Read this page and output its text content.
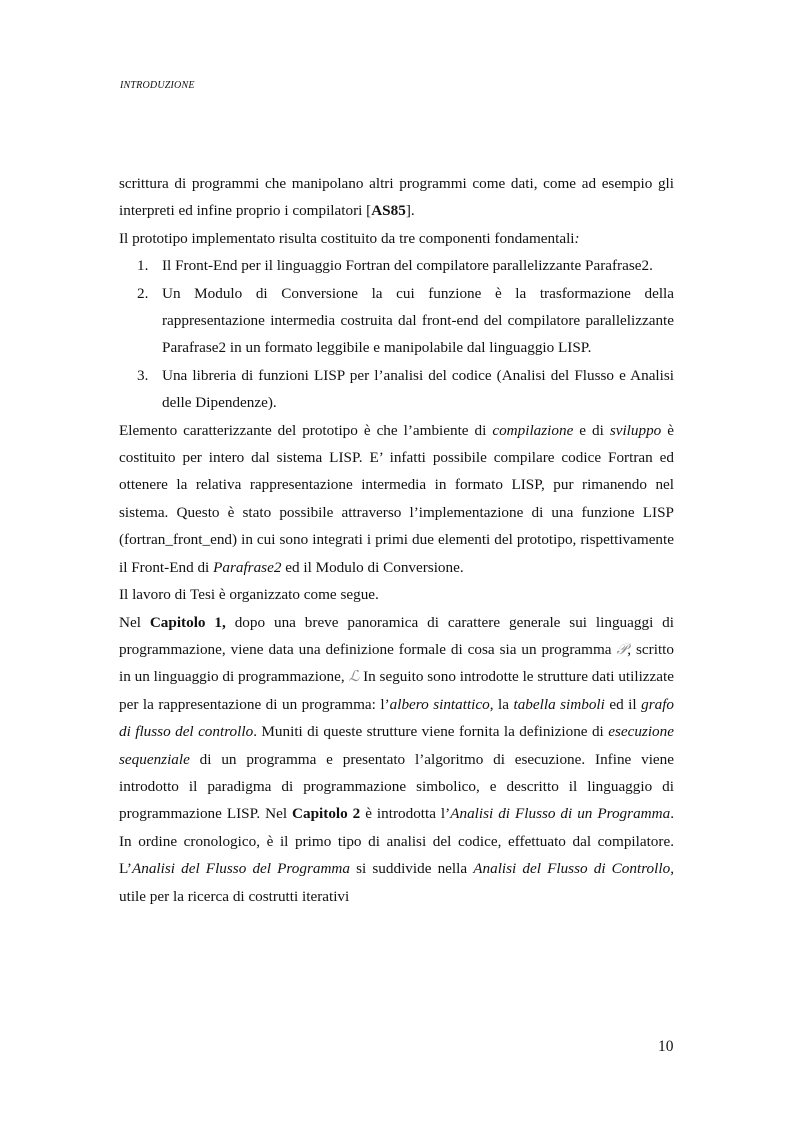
INTRODUZIONE

scrittura di programmi che manipolano altri programmi come dati, come ad esempio gli interpreti ed infine proprio i compilatori [AS85].

Il prototipo implementato risulta costituito da tre componenti fondamentali:

1. Il Front-End per il linguaggio Fortran del compilatore parallelizzante Parafrase2.
2. Un Modulo di Conversione la cui funzione è la trasformazione della rappresentazione intermedia costruita dal front-end del compilatore parallelizzante Parafrase2 in un formato leggibile e manipolabile dal linguaggio LISP.
3. Una libreria di funzioni LISP per l’analisi del codice (Analisi del Flusso e Analisi delle Dipendenze).

Elemento caratterizzante del prototipo è che l’ambiente di compilazione e di sviluppo è costituito per intero dal sistema LISP. E’ infatti possibile compilare codice Fortran ed ottenere la relativa rappresentazione intermedia in formato LISP, pur rimanendo nel sistema. Questo è stato possibile attraverso l’implementazione di una funzione LISP (fortran_front_end) in cui sono integrati i primi due elementi del prototipo, rispettivamente il Front-End di Parafrase2 ed il Modulo di Conversione.

Il lavoro di Tesi è organizzato come segue.

Nel Capitolo 1, dopo una breve panoramica di carattere generale sui linguaggi di programmazione, viene data una definizione formale di cosa sia un programma 𝒫, scritto in un linguaggio di programmazione, ℒ In seguito sono introdotte le strutture dati utilizzate per la rappresentazione di un programma: l’albero sintattico, la tabella simboli ed il grafo di flusso del controllo. Muniti di queste strutture viene fornita la definizione di esecuzione sequenziale di un programma e presentato l’algoritmo di esecuzione. Infine viene introdotto il paradigma di programmazione simbolico, e descritto il linguaggio di programmazione LISP. Nel Capitolo 2 è introdotta l’Analisi di Flusso di un Programma. In ordine cronologico, è il primo tipo di analisi del codice, effettuato dal compilatore. L’Analisi del Flusso del Programma si suddivide nella Analisi del Flusso di Controllo, utile per la ricerca di costrutti iterativi

10
